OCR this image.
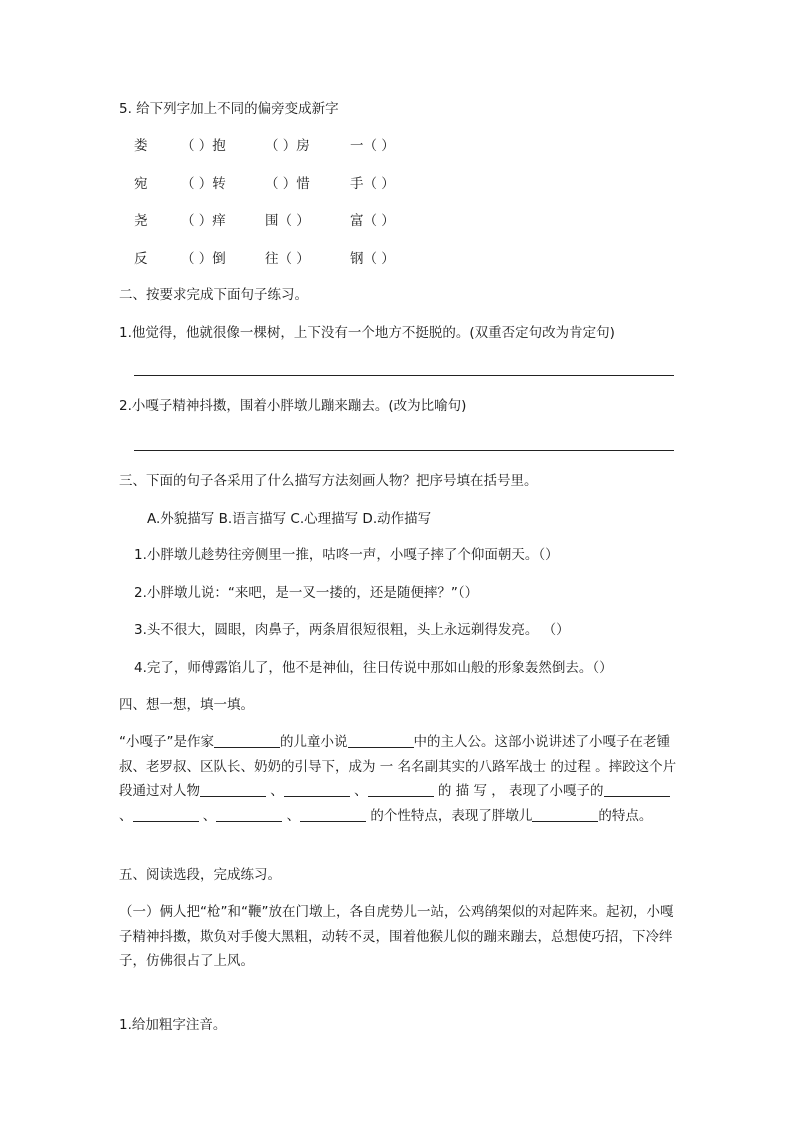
5. 给下列字加上不同的偏旁变成新字
娄 （ ）抱	（ ）房	一（ ）
宛 （ ）转	（ ）惜	手（ ）
尧 （ ）痒	围（ ）	富（ ）
反 （ ）倒	往（ ）	钢（ ）
二、按要求完成下面句子练习。
1.他觉得，他就很像一棵树，上下没有一个地方不挺脱的。(双重否定句改为肯定句)
2.小嘎子精神抖擞，围着小胖墩儿蹦来蹦去。(改为比喻句)
三、下面的句子各采用了什么描写方法刻画人物？把序号填在括号里。
A.外貌描写 B.语言描写 C.心理描写 D.动作描写
1.小胖墩儿趁势往旁侧里一推，咕咚一声，小嘎子摔了个仰面朝天。（）
2.小胖墩儿说：“来吧，是一叉一搂的，还是随便摔？”（）
3.头不很大，圆眼，肉鼻子，两条眉很短很粗，头上永远剃得发亮。 （）
4.完了，师傅露馅儿了，他不是神仙，往日传说中那如山般的形象轰然倒去。（）
四、想一想，填一填。
“小嘎子”是作家	的儿童小说	中的主人公。这部小说讲述了小嘎子在老锺叔、老罗叔、区队长、奶奶的引导下，成为 一 名名副其实的八路军战士 的过程 。摔跤这个片段通过对人物	、	、	的 描 写 ， 表现了小嘎子的 、	、	、	的个性特点，表现了胖墩儿	的特点。
五、阅读选段，完成练习。
（一）俩人把“枪”和“鞭”放在门墩上，各自虎势儿一站，公鸡鹐架似的对起阵来。起初，小嘎子精神抖擞，欺负对手傻大黑粗，动转不灵，围着他猴儿似的蹦来蹦去，总想使巧招，下冷绊子，仿佛很占了上风。
1.给加粗字注音。
